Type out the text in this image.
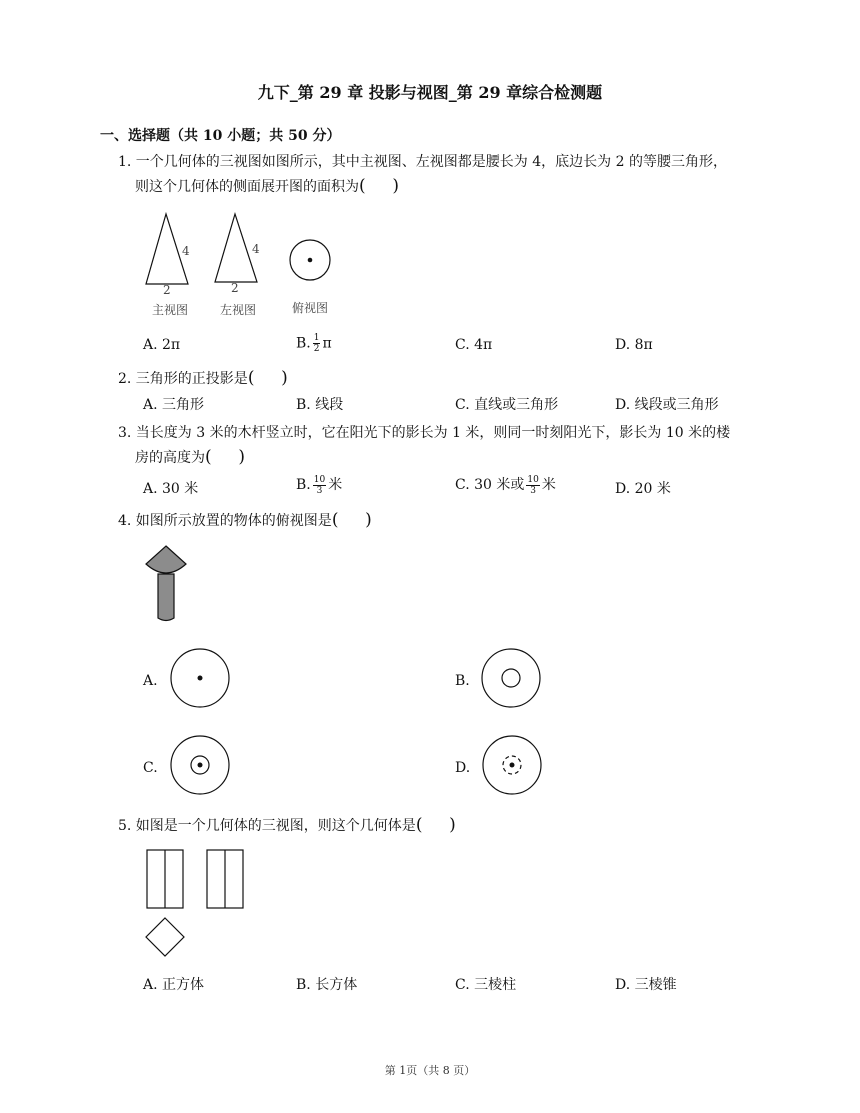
九下_第 29 章 投影与视图_第 29 章综合检测题
一、选择题（共 10 小题；共 50 分）
1. 一个几何体的三视图如图所示，其中主视图、左视图都是腰长为 4，底边长为 2 的等腰三角形，
则这个几何体的侧面展开图的面积为( )
4
2
4
2
主视图	左视图	俯视图
A. 2π	B. $\frac{1}{2}$ π	C. 4π	D. 8π
2. 三角形的正投影是( )
A. 三角形	B. 线段	C. 直线或三角形	D. 线段或三角形
3. 当长度为 3 米的木杆竖立时，它在阳光下的影长为 1 米，则同一时刻阳光下，影长为 10 米的楼
房的高度为( )
A. 30 米	B. $\frac{10}{3}$ 米	C. 30 米或 $\frac{10}{3}$ 米	D. 20 米
4. 如图所示放置的物体的俯视图是( )
A.	B.
C.	D.
5. 如图是一个几何体的三视图，则这个几何体是( )
A. 正方体	B. 长方体	C. 三棱柱	D. 三棱锥
第 1页（共 8 页）
